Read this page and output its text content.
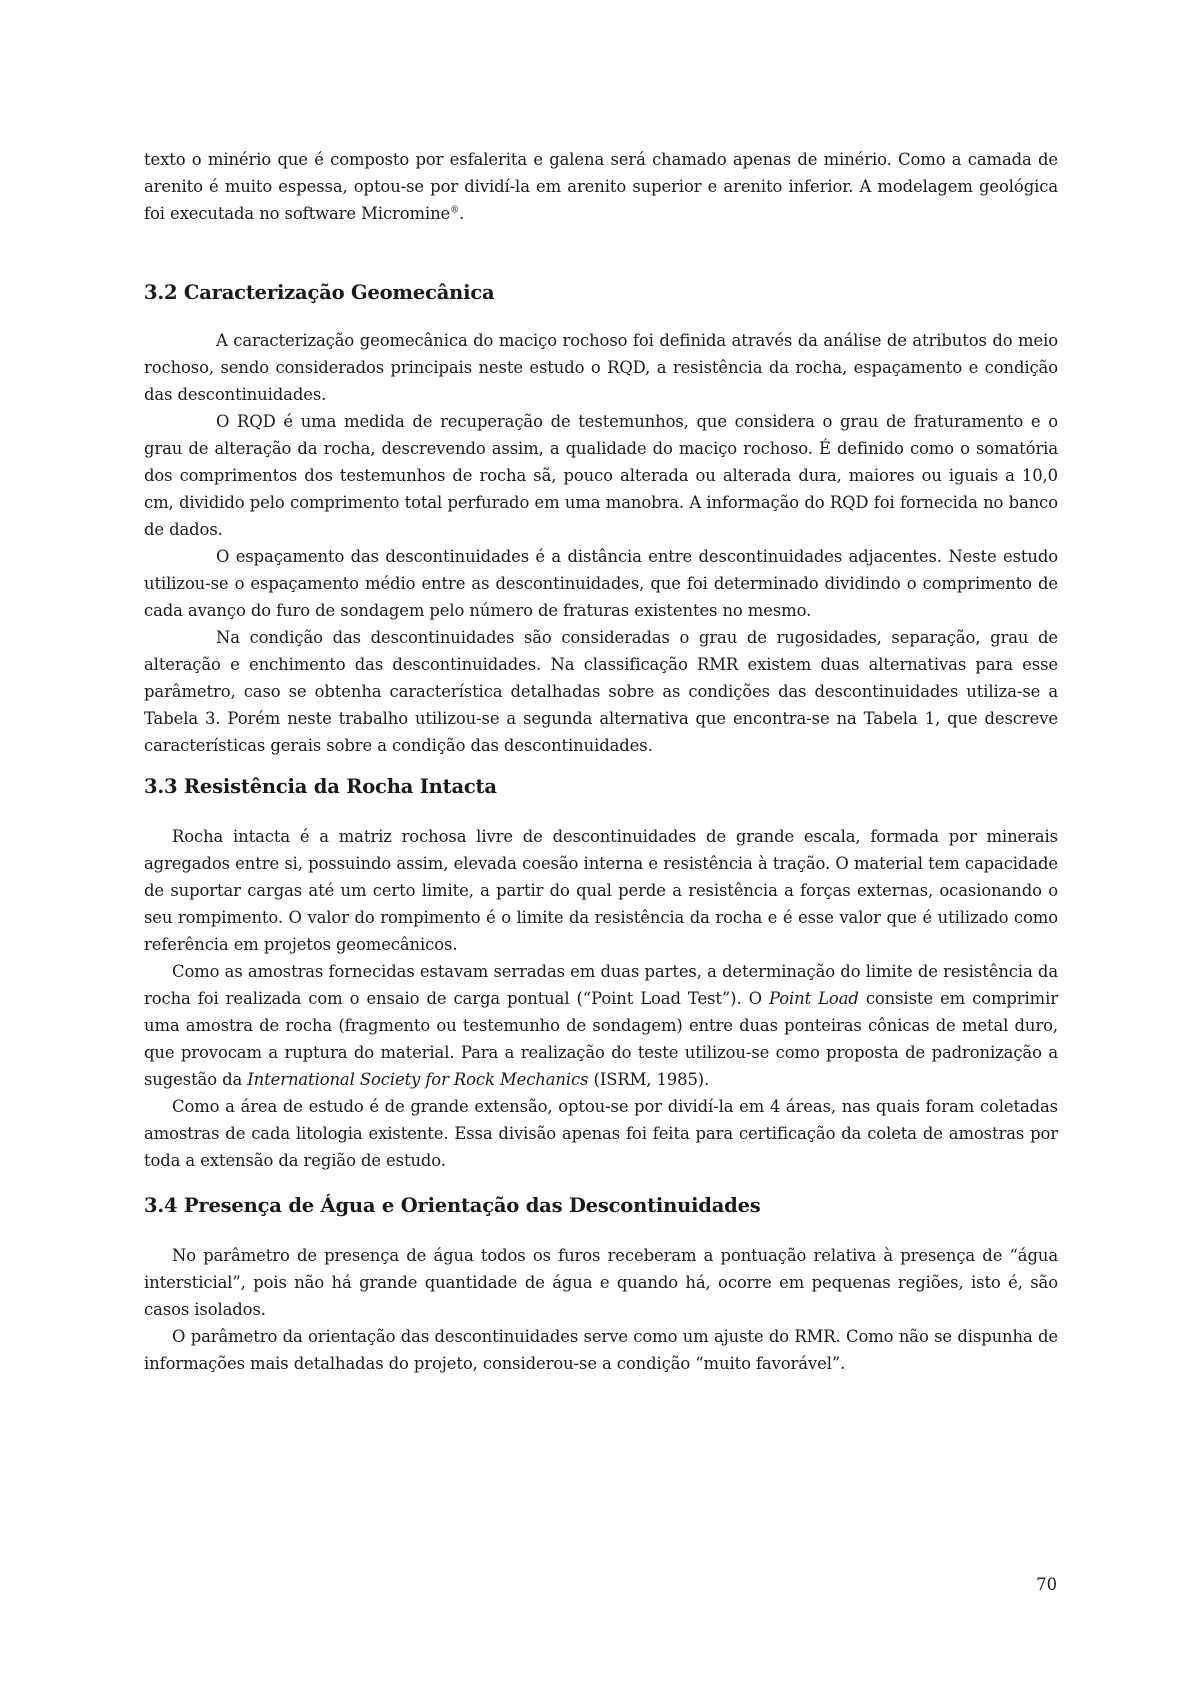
texto o minério que é composto por esfalerita e galena será chamado apenas de minério. Como a camada de arenito é muito espessa, optou-se por dividí-la em arenito superior e arenito inferior. A modelagem geológica foi executada no software Micromine®.

3.2 Caracterização Geomecânica

A caracterização geomecânica do maciço rochoso foi definida através da análise de atributos do meio rochoso, sendo considerados principais neste estudo o RQD, a resistência da rocha, espaçamento e condição das descontinuidades.

O RQD é uma medida de recuperação de testemunhos, que considera o grau de fraturamento e o grau de alteração da rocha, descrevendo assim, a qualidade do maciço rochoso. É definido como o somatória dos comprimentos dos testemunhos de rocha sã, pouco alterada ou alterada dura, maiores ou iguais a 10,0 cm, dividido pelo comprimento total perfurado em uma manobra. A informação do RQD foi fornecida no banco de dados.

O espaçamento das descontinuidades é a distância entre descontinuidades adjacentes. Neste estudo utilizou-se o espaçamento médio entre as descontinuidades, que foi determinado dividindo o comprimento de cada avanço do furo de sondagem pelo número de fraturas existentes no mesmo.

Na condição das descontinuidades são consideradas o grau de rugosidades, separação, grau de alteração e enchimento das descontinuidades. Na classificação RMR existem duas alternativas para esse parâmetro, caso se obtenha característica detalhadas sobre as condições das descontinuidades utiliza-se a Tabela 3. Porém neste trabalho utilizou-se a segunda alternativa que encontra-se na Tabela 1, que descreve características gerais sobre a condição das descontinuidades.

3.3 Resistência da Rocha Intacta

Rocha intacta é a matriz rochosa livre de descontinuidades de grande escala, formada por minerais agregados entre si, possuindo assim, elevada coesão interna e resistência à tração. O material tem capacidade de suportar cargas até um certo limite, a partir do qual perde a resistência a forças externas, ocasionando o seu rompimento. O valor do rompimento é o limite da resistência da rocha e é esse valor que é utilizado como referência em projetos geomecânicos.

Como as amostras fornecidas estavam serradas em duas partes, a determinação do limite de resistência da rocha foi realizada com o ensaio de carga pontual (“Point Load Test”). O Point Load consiste em comprimir uma amostra de rocha (fragmento ou testemunho de sondagem) entre duas ponteiras cônicas de metal duro, que provocam a ruptura do material. Para a realização do teste utilizou-se como proposta de padronização a sugestão da International Society for Rock Mechanics (ISRM, 1985).

Como a área de estudo é de grande extensão, optou-se por dividí-la em 4 áreas, nas quais foram coletadas amostras de cada litologia existente. Essa divisão apenas foi feita para certificação da coleta de amostras por toda a extensão da região de estudo.

3.4 Presença de Água e Orientação das Descontinuidades

No parâmetro de presença de água todos os furos receberam a pontuação relativa à presença de “água intersticial”, pois não há grande quantidade de água e quando há, ocorre em pequenas regiões, isto é, são casos isolados.

O parâmetro da orientação das descontinuidades serve como um ajuste do RMR. Como não se dispunha de informações mais detalhadas do projeto, considerou-se a condição “muito favorável”.

70
